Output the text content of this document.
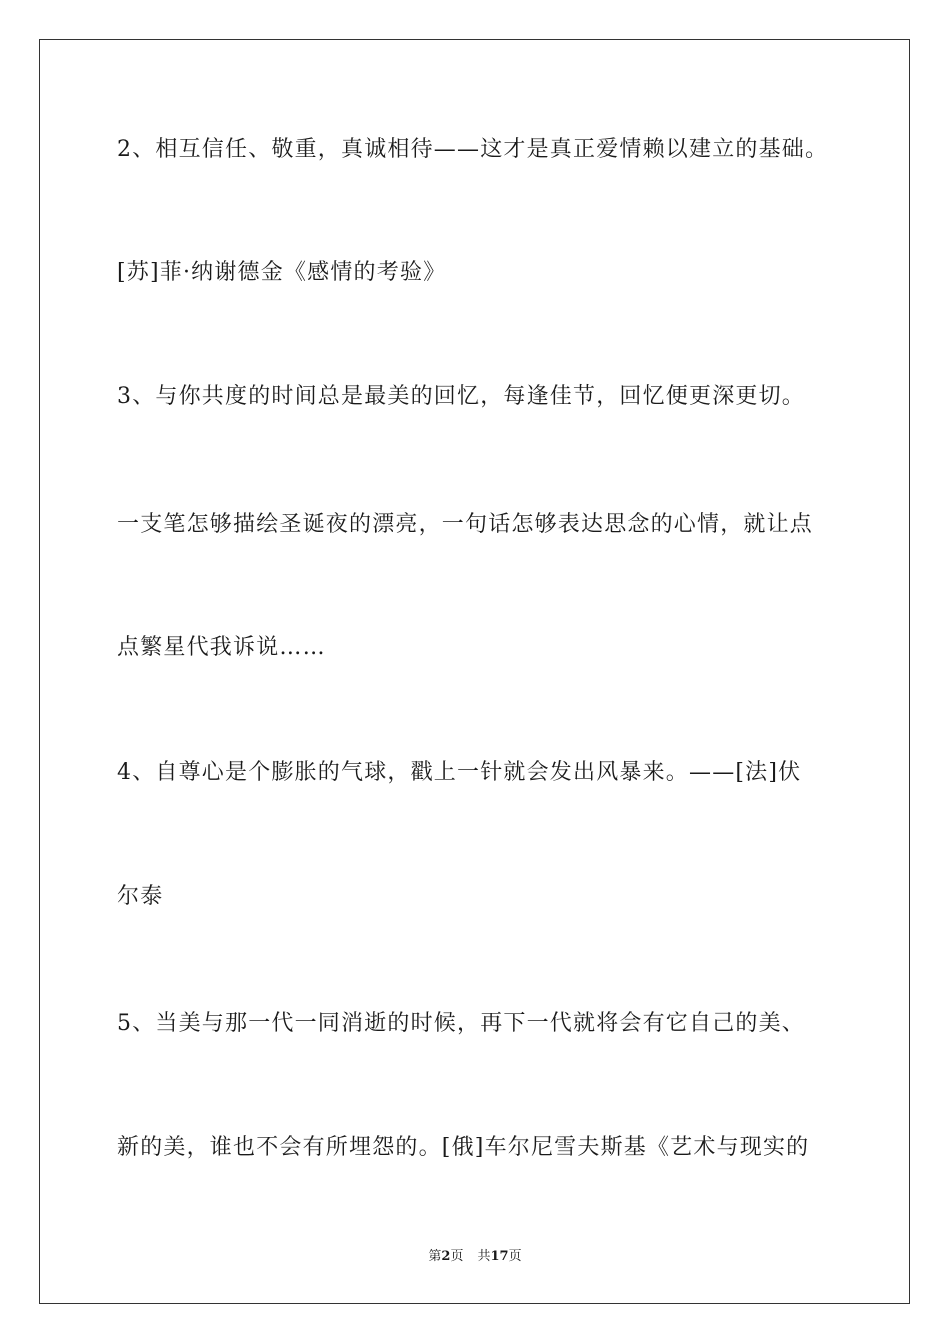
2、相互信任、敬重，真诚相待——这才是真正爱情赖以建立的基础。
[苏]菲·纳谢德金《感情的考验》
3、与你共度的时间总是最美的回忆，每逢佳节，回忆便更深更切。
一支笔怎够描绘圣诞夜的漂亮，一句话怎够表达思念的心情，就让点
点繁星代我诉说……
4、自尊心是个膨胀的气球，戳上一针就会发出风暴来。——[法]伏
尔泰
5、当美与那一代一同消逝的时候，再下一代就将会有它自己的美、
新的美，谁也不会有所埋怨的。[俄]车尔尼雪夫斯基《艺术与现实的
第2页 共17页
